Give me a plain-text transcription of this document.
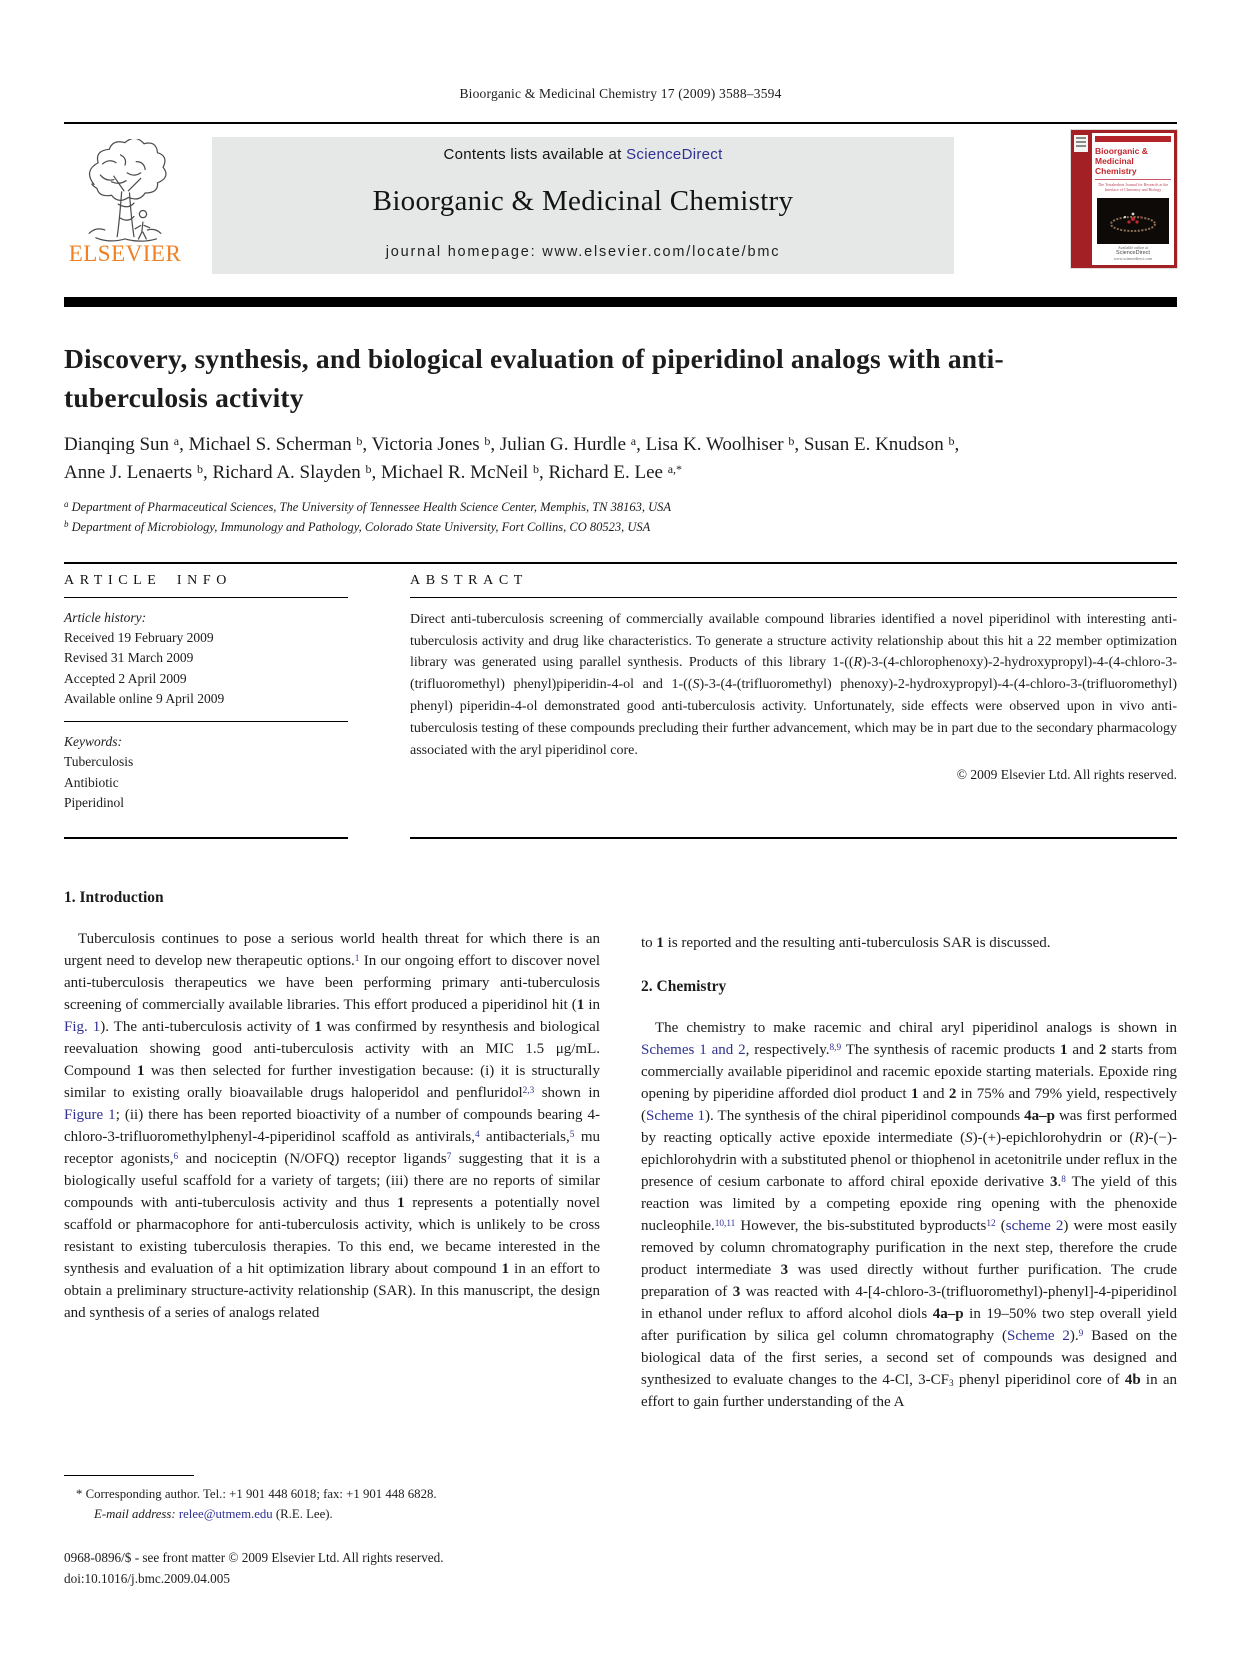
Bioorganic & Medicinal Chemistry 17 (2009) 3588–3594
ELSEVIER
Contents lists available at ScienceDirect
Bioorganic & Medicinal Chemistry
journal homepage: www.elsevier.com/locate/bmc
Bioorganic & Medicinal Chemistry
The Tetrahedron Journal for Research at the Interface of Chemistry and Biology
Available online at
ScienceDirect
www.sciencedirect.com
Discovery, synthesis, and biological evaluation of piperidinol analogs with anti-tuberculosis activity
Dianqing Sun $^a$, Michael S. Scherman $^b$, Victoria Jones $^b$, Julian G. Hurdle $^a$, Lisa K. Woolhiser $^b$, Susan E. Knudson $^b$, Anne J. Lenaerts $^b$, Richard A. Slayden $^b$, Michael R. McNeil $^b$, Richard E. Lee $^{a,*}$
$^a$ Department of Pharmaceutical Sciences, The University of Tennessee Health Science Center, Memphis, TN 38163, USA
$^b$ Department of Microbiology, Immunology and Pathology, Colorado State University, Fort Collins, CO 80523, USA
ARTICLE INFO
Article history:
Received 19 February 2009
Revised 31 March 2009
Accepted 2 April 2009
Available online 9 April 2009
Keywords:
Tuberculosis
Antibiotic
Piperidinol
ABSTRACT

Direct anti-tuberculosis screening of commercially available compound libraries identified a novel piperidinol with interesting anti-tuberculosis activity and drug like characteristics. To generate a structure activity relationship about this hit a 22 member optimization library was generated using parallel synthesis. Products of this library 1-((R)-3-(4-chlorophenoxy)-2-hydroxypropyl)-4-(4-chloro-3-(trifluoromethyl) phenyl)piperidin-4-ol and 1-((S)-3-(4-(trifluoromethyl) phenoxy)-2-hydroxypropyl)-4-(4-chloro-3-(trifluoromethyl) phenyl) piperidin-4-ol demonstrated good anti-tuberculosis activity. Unfortunately, side effects were observed upon in vivo anti-tuberculosis testing of these compounds precluding their further advancement, which may be in part due to the secondary pharmacology associated with the aryl piperidinol core.

© 2009 Elsevier Ltd. All rights reserved.
1. Introduction

Tuberculosis continues to pose a serious world health threat for which there is an urgent need to develop new therapeutic options.$^1$ In our ongoing effort to discover novel anti-tuberculosis therapeutics we have been performing primary anti-tuberculosis screening of commercially available libraries. This effort produced a piperidinol hit (1 in Fig. 1). The anti-tuberculosis activity of 1 was confirmed by resynthesis and biological reevaluation showing good anti-tuberculosis activity with an MIC 1.5 μg/mL. Compound 1 was then selected for further investigation because: (i) it is structurally similar to existing orally bioavailable drugs haloperidol and penfluridol$^{2,3}$ shown in Figure 1; (ii) there has been reported bioactivity of a number of compounds bearing 4-chloro-3-trifluoromethylphenyl-4-piperidinol scaffold as antivirals,$^4$ antibacterials,$^5$ mu receptor agonists,$^6$ and nociceptin (N/OFQ) receptor ligands$^7$ suggesting that it is a biologically useful scaffold for a variety of targets; (iii) there are no reports of similar compounds with anti-tuberculosis activity and thus 1 represents a potentially novel scaffold or pharmacophore for anti-tuberculosis activity, which is unlikely to be cross resistant to existing tuberculosis therapies. To this end, we became interested in the synthesis and evaluation of a hit optimization library about compound 1 in an effort to obtain a preliminary structure-activity relationship (SAR). In this manuscript, the design and synthesis of a series of analogs related

to 1 is reported and the resulting anti-tuberculosis SAR is discussed.

2. Chemistry

The chemistry to make racemic and chiral aryl piperidinol analogs is shown in Schemes 1 and 2, respectively.$^{8,9}$ The synthesis of racemic products 1 and 2 starts from commercially available piperidinol and racemic epoxide starting materials. Epoxide ring opening by piperidine afforded diol product 1 and 2 in 75% and 79% yield, respectively (Scheme 1). The synthesis of the chiral piperidinol compounds 4a–p was first performed by reacting optically active epoxide intermediate (S)-(+)-epichlorohydrin or (R)-(−)-epichlorohydrin with a substituted phenol or thiophenol in acetonitrile under reflux in the presence of cesium carbonate to afford chiral epoxide derivative 3.$^8$ The yield of this reaction was limited by a competing epoxide ring opening with the phenoxide nucleophile.$^{10,11}$ However, the bis-substituted byproducts$^{12}$ (scheme 2) were most easily removed by column chromatography purification in the next step, therefore the crude product intermediate 3 was used directly without further purification. The crude preparation of 3 was reacted with 4-[4-chloro-3-(trifluoromethyl)-phenyl]-4-piperidinol in ethanol under reflux to afford alcohol diols 4a–p in 19–50% two step overall yield after purification by silica gel column chromatography (Scheme 2).$^9$ Based on the biological data of the first series, a second set of compounds was designed and synthesized to evaluate changes to the 4-Cl, $3-CF_3$ phenyl piperidinol core of 4b in an effort to gain further understanding of the A

* Corresponding author. Tel.: +1 901 448 6018; fax: +1 901 448 6828.
E-mail address: relee@utmem.edu (R.E. Lee).
0968-0896/$ - see front matter © 2009 Elsevier Ltd. All rights reserved.
doi:10.1016/j.bmc.2009.04.005
